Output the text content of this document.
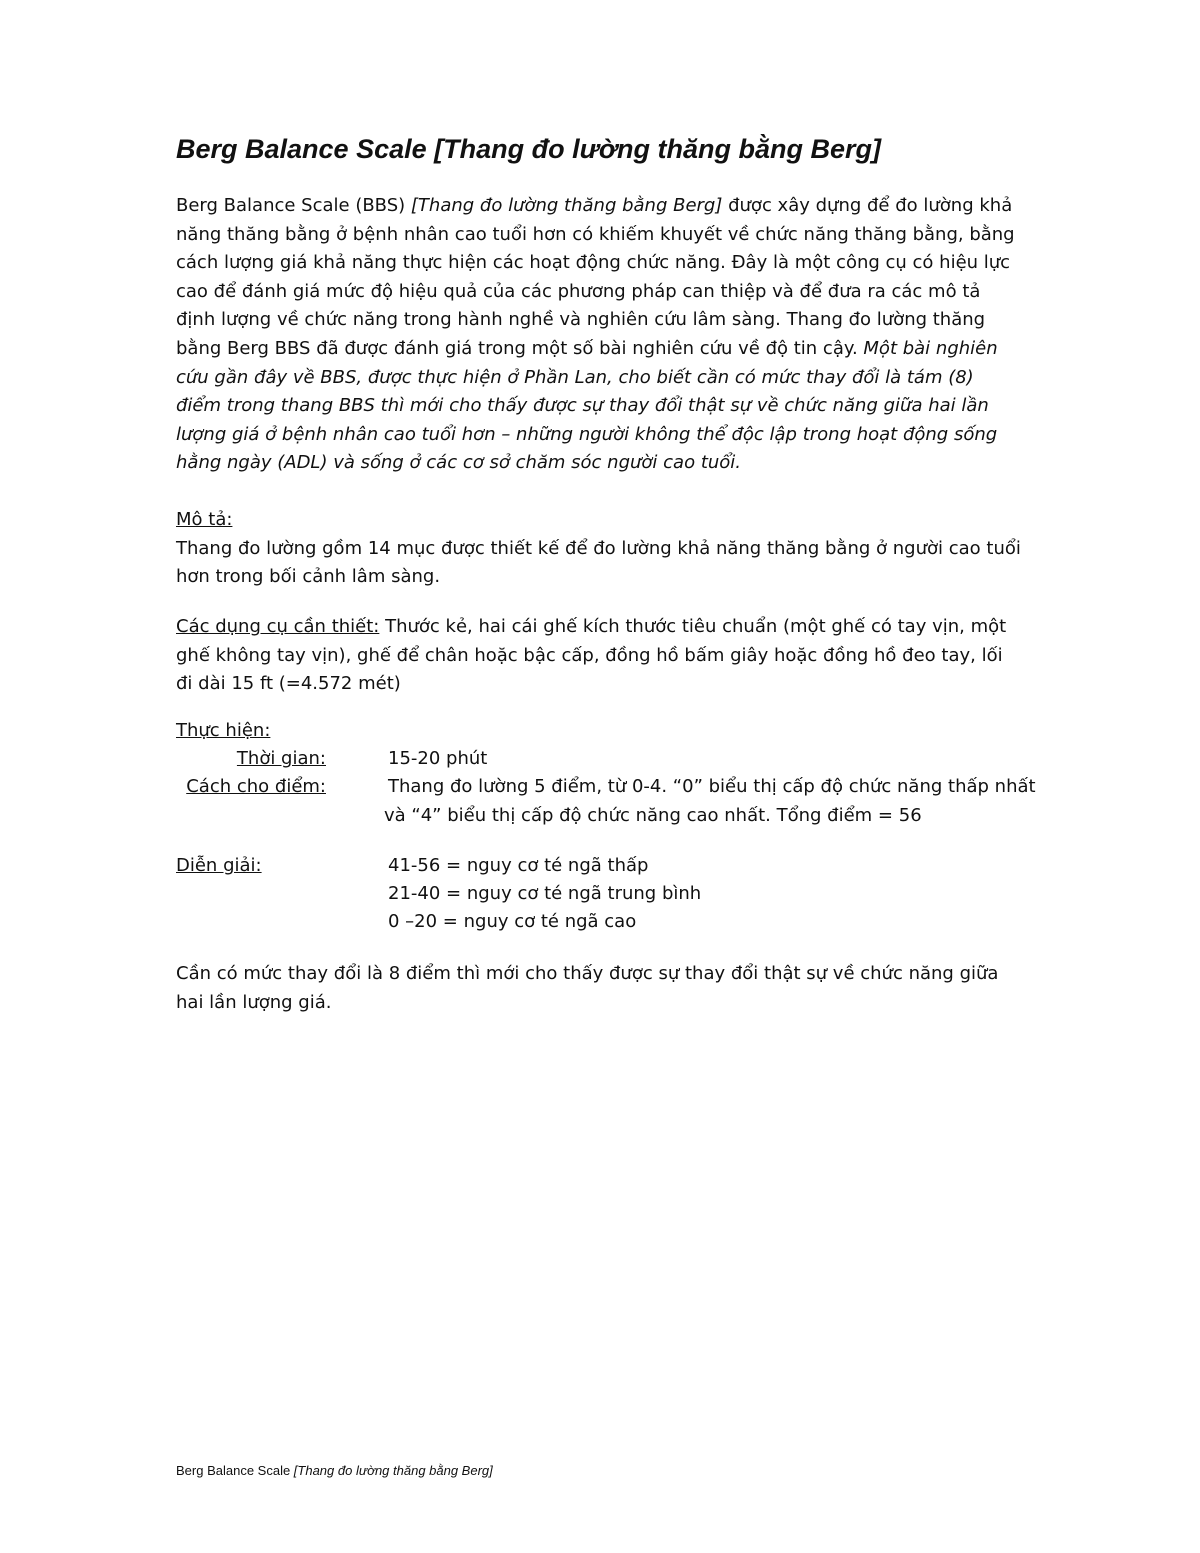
Berg Balance Scale [Thang đo lường thăng bằng Berg]

Berg Balance Scale (BBS) [Thang đo lường thăng bằng Berg] được xây dựng để đo lường khả năng thăng bằng ở bệnh nhân cao tuổi hơn có khiếm khuyết về chức năng thăng bằng, bằng cách lượng giá khả năng thực hiện các hoạt động chức năng. Đây là một công cụ có hiệu lực cao để đánh giá mức độ hiệu quả của các phương pháp can thiệp và để đưa ra các mô tả định lượng về chức năng trong hành nghề và nghiên cứu lâm sàng. Thang đo lường thăng bằng Berg BBS đã được đánh giá trong một số bài nghiên cứu về độ tin cậy. Một bài nghiên cứu gần đây về BBS, được thực hiện ở Phần Lan, cho biết cần có mức thay đổi là tám (8) điểm trong thang BBS thì mới cho thấy được sự thay đổi thật sự về chức năng giữa hai lần lượng giá ở bệnh nhân cao tuổi hơn – những người không thể độc lập trong hoạt động sống hằng ngày (ADL) và sống ở các cơ sở chăm sóc người cao tuổi.

Mô tả:
Thang đo lường gồm 14 mục được thiết kế để đo lường khả năng thăng bằng ở người cao tuổi hơn trong bối cảnh lâm sàng.

Các dụng cụ cần thiết: Thước kẻ, hai cái ghế kích thước tiêu chuẩn (một ghế có tay vịn, một ghế không tay vịn), ghế để chân hoặc bậc cấp, đồng hồ bấm giây hoặc đồng hồ đeo tay, lối đi dài 15 ft (=4.572 mét)

Thực hiện:
Thời gian:	15-20 phút
Cách cho điểm:	Thang đo lường 5 điểm, từ 0-4. “0” biểu thị cấp độ chức năng thấp nhất
và “4” biểu thị cấp độ chức năng cao nhất. Tổng điểm = 56
Diễn giải:	41-56 = nguy cơ té ngã thấp
21-40 = nguy cơ té ngã trung bình
0 –20 = nguy cơ té ngã cao

Cần có mức thay đổi là 8 điểm thì mới cho thấy được sự thay đổi thật sự về chức năng giữa hai lần lượng giá.

Berg Balance Scale [Thang đo lường thăng bằng Berg]
